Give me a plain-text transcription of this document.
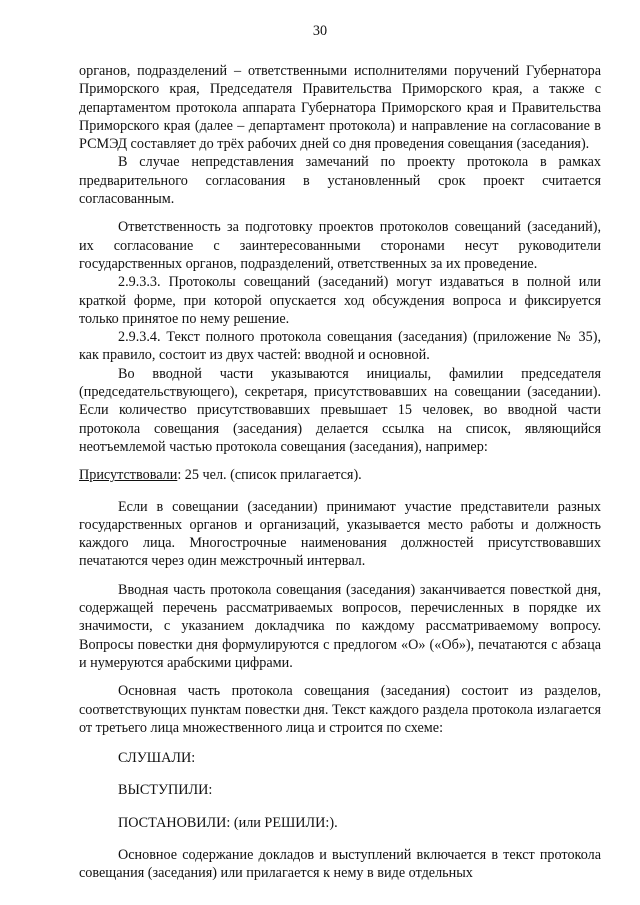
30

органов, подразделений – ответственными исполнителями поручений Губернатора Приморского края, Председателя Правительства Приморского края, а также с департаментом протокола аппарата Губернатора Приморского края и Правительства Приморского края (далее – департамент протокола) и направление на согласование в РСМЭД составляет до трёх рабочих дней со дня проведения совещания (заседания).

В случае непредставления замечаний по проекту протокола в рамках предварительного согласования в установленный срок проект считается согласованным.

Ответственность за подготовку проектов протоколов совещаний (заседаний), их согласование с заинтересованными сторонами несут руководители государственных органов, подразделений, ответственных за их проведение.

2.9.3.3. Протоколы совещаний (заседаний) могут издаваться в полной или краткой форме, при которой опускается ход обсуждения вопроса и фиксируется только принятое по нему решение.

2.9.3.4. Текст полного протокола совещания (заседания) (приложение № 35), как правило, состоит из двух частей: вводной и основной.

Во вводной части указываются инициалы, фамилии председателя (председательствующего), секретаря, присутствовавших на совещании (заседании). Если количество присутствовавших превышает 15 человек, во вводной части протокола совещания (заседания) делается ссылка на список, являющийся неотъемлемой частью протокола совещания (заседания), например:

Присутствовали: 25 чел. (список прилагается).

Если в совещании (заседании) принимают участие представители разных государственных органов и организаций, указывается место работы и должность каждого лица. Многострочные наименования должностей присутствовавших печатаются через один межстрочный интервал.

Вводная часть протокола совещания (заседания) заканчивается повесткой дня, содержащей перечень рассматриваемых вопросов, перечисленных в порядке их значимости, с указанием докладчика по каждому рассматриваемому вопросу. Вопросы повестки дня формулируются с предлогом «О» («Об»), печатаются с абзаца и нумеруются арабскими цифрами.

Основная часть протокола совещания (заседания) состоит из разделов, соответствующих пунктам повестки дня. Текст каждого раздела протокола излагается от третьего лица множественного лица и строится по схеме:

СЛУШАЛИ:
ВЫСТУПИЛИ:
ПОСТАНОВИЛИ: (или РЕШИЛИ:).

Основное содержание докладов и выступлений включается в текст протокола совещания (заседания) или прилагается к нему в виде отдельных
